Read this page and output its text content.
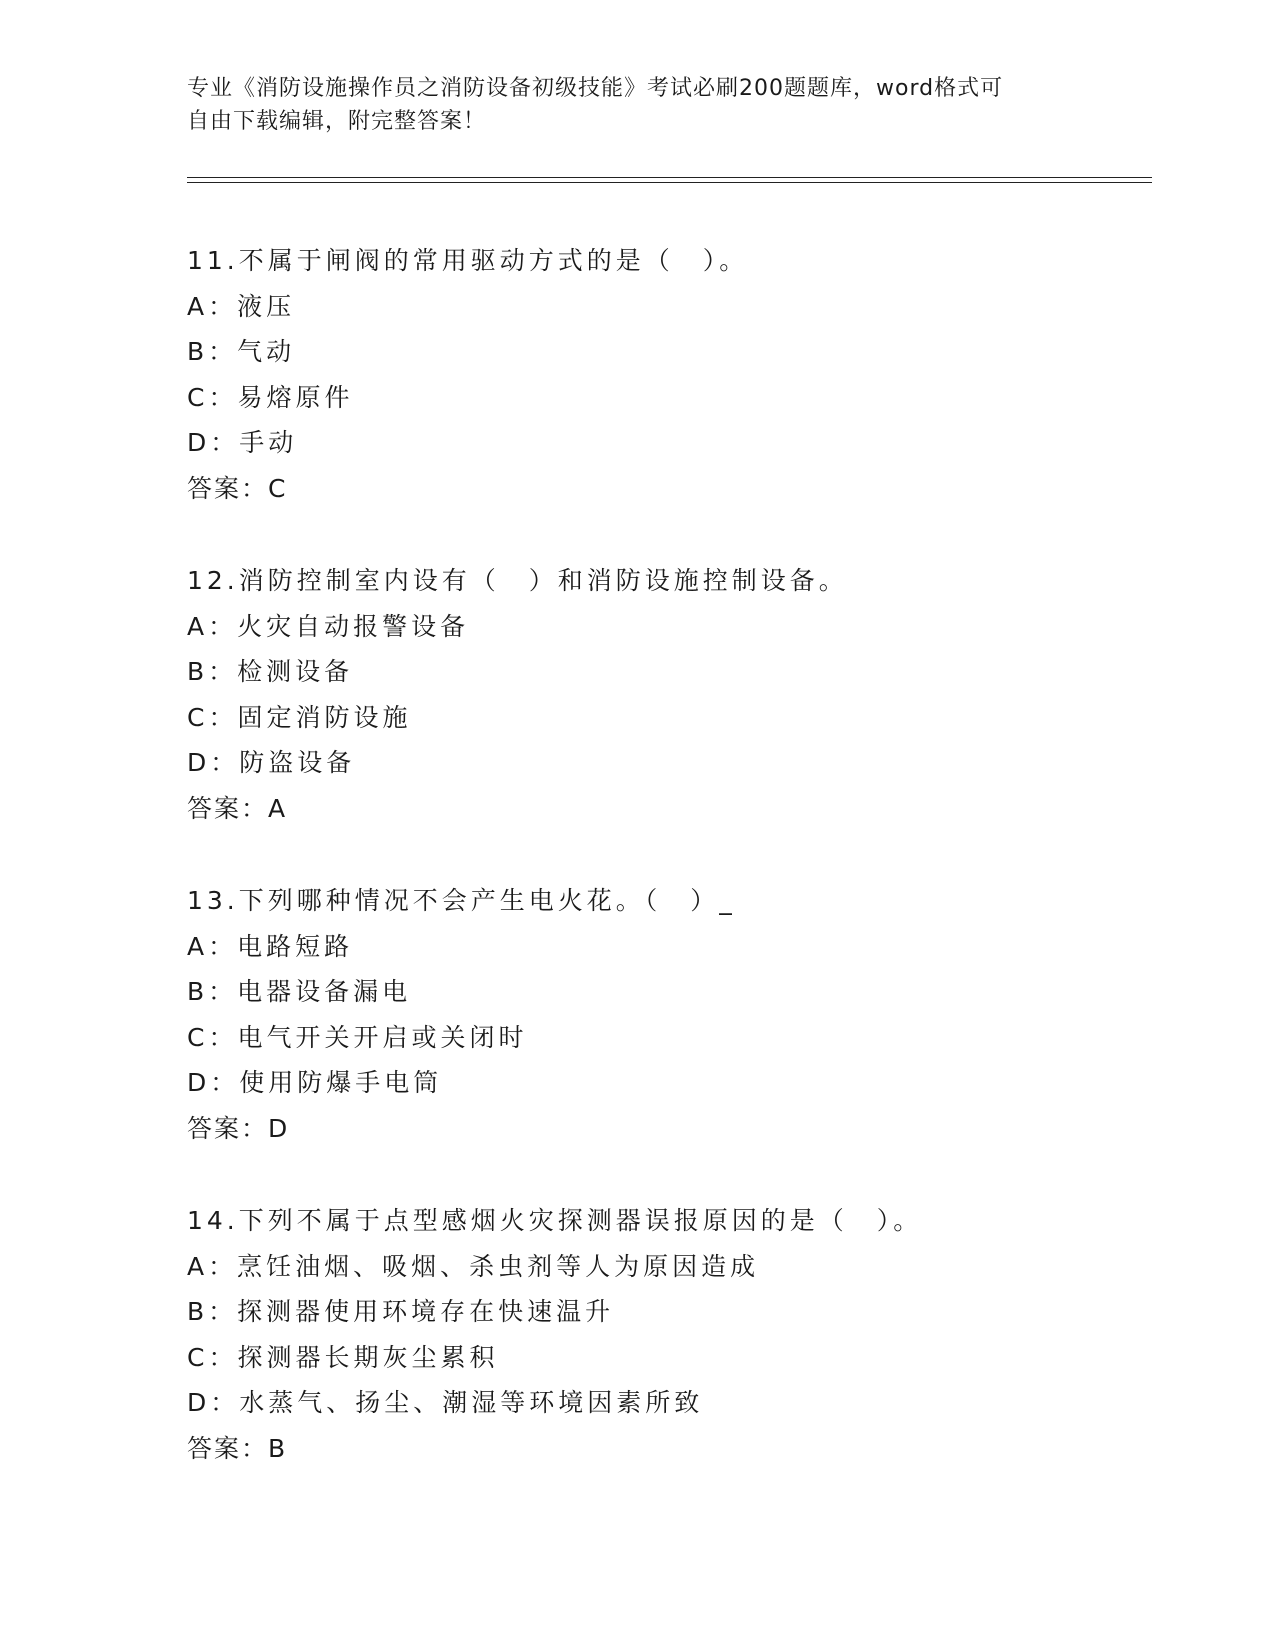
专业《消防设施操作员之消防设备初级技能》考试必刷200题题库，word格式可
自由下载编辑，附完整答案！
11.不属于闸阀的常用驱动方式的是（　）。
A：液压
B：气动
C：易熔原件
D：手动
答案：C
12.消防控制室内设有（　）和消防设施控制设备。
A：火灾自动报警设备
B：检测设备
C：固定消防设施
D：防盗设备
答案：A
13.下列哪种情况不会产生电火花。（　）_
A：电路短路
B：电器设备漏电
C：电气开关开启或关闭时
D：使用防爆手电筒
答案：D
14.下列不属于点型感烟火灾探测器误报原因的是（　）。
A：烹饪油烟、吸烟、杀虫剂等人为原因造成
B：探测器使用环境存在快速温升
C：探测器长期灰尘累积
D：水蒸气、扬尘、潮湿等环境因素所致
答案：B
